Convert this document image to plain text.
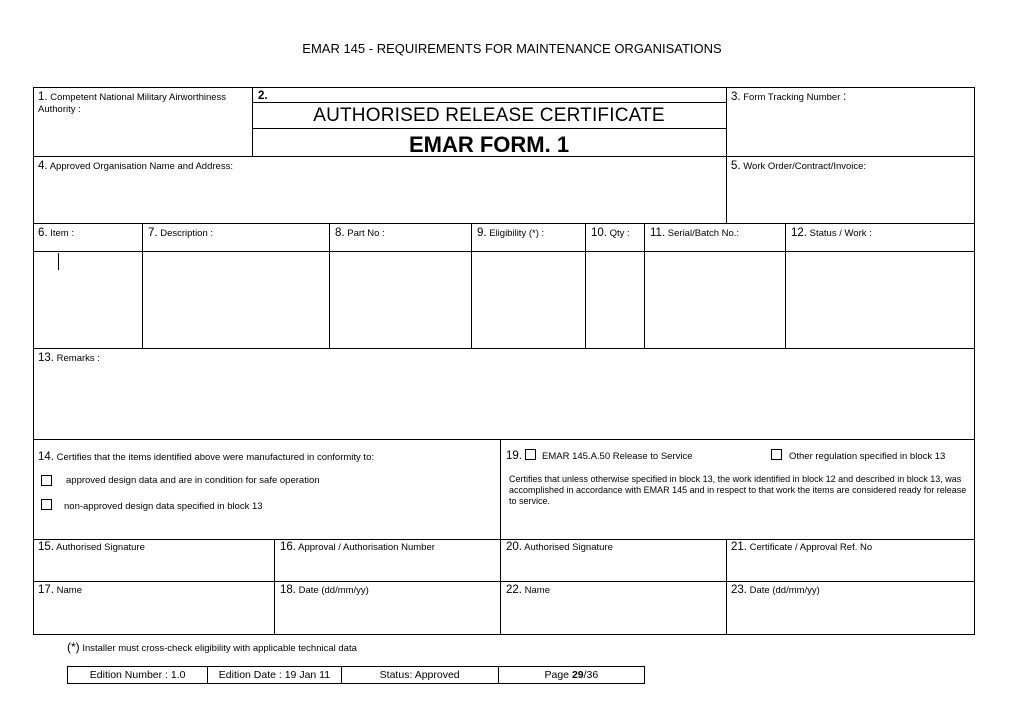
EMAR 145 - REQUIREMENTS FOR MAINTENANCE ORGANISATIONS
1. Competent National Military Airworthiness Authority :
2.
AUTHORISED RELEASE CERTIFICATE
EMAR FORM. 1
3. Form Tracking Number :
4. Approved Organisation Name and Address:	5. Work Order/Contract/Invoice:
6. Item :	7. Description :	8. Part No :	9. Eligibility (*) :	10. Qty : 11. Serial/Batch No.:	12. Status / Work :
13. Remarks :
14. Certifies that the items identified above were manufactured in conformity to:
approved design data and are in condition for safe operation
non-approved design data specified in block 13
19. EMAR 145.A.50 Release to Service	Other regulation specified in block 13
Certifies that unless otherwise specified in block 13, the work identified in block 12 and described in block 13, was accomplished in accordance with EMAR 145 and in respect to that work the items are considered ready for release to service.
15. Authorised Signature	16. Approval / Authorisation Number	20. Authorised Signature	21. Certificate / Approval Ref. No
17. Name	18. Date (dd/mm/yy)	22. Name	23. Date (dd/mm/yy)
(*) Installer must cross-check eligibility with applicable technical data
Edition Number : 1.0	Edition Date : 19 Jan 11	Status: Approved	Page 29/36
